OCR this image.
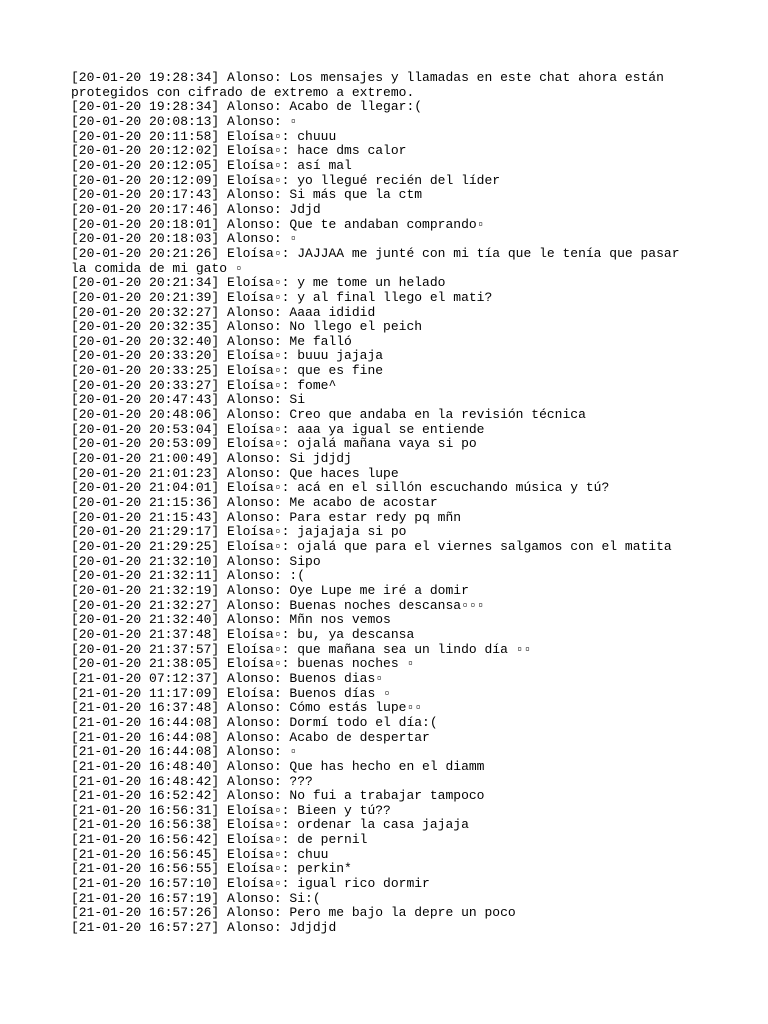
[20-01-20 19:28:34] Alonso: Los mensajes y llamadas en este chat ahora están protegidos con cifrado de extremo a extremo.
[20-01-20 19:28:34] Alonso: Acabo de llegar:(
[20-01-20 20:08:13] Alonso: ▫
[20-01-20 20:11:58] Eloísa▫: chuuu
[20-01-20 20:12:02] Eloísa▫: hace dms calor
[20-01-20 20:12:05] Eloísa▫: así mal
[20-01-20 20:12:09] Eloísa▫: yo llegué recién del líder
[20-01-20 20:17:43] Alonso: Si más que la ctm
[20-01-20 20:17:46] Alonso: Jdjd
[20-01-20 20:18:01] Alonso: Que te andaban comprando▫
[20-01-20 20:18:03] Alonso: ▫
[20-01-20 20:21:26] Eloísa▫: JAJJAA me junté con mi tía que le tenía que pasar la comida de mi gato ▫
[20-01-20 20:21:34] Eloísa▫: y me tome un helado
[20-01-20 20:21:39] Eloísa▫: y al final llego el mati?
[20-01-20 20:32:27] Alonso: Aaaa ididid
[20-01-20 20:32:35] Alonso: No llego el peich
[20-01-20 20:32:40] Alonso: Me falló
[20-01-20 20:33:20] Eloísa▫: buuu jajaja
[20-01-20 20:33:25] Eloísa▫: que es fine
[20-01-20 20:33:27] Eloísa▫: fome^
[20-01-20 20:47:43] Alonso: Si
[20-01-20 20:48:06] Alonso: Creo que andaba en la revisión técnica
[20-01-20 20:53:04] Eloísa▫: aaa ya igual se entiende
[20-01-20 20:53:09] Eloísa▫: ojalá mañana vaya si po
[20-01-20 21:00:49] Alonso: Si jdjdj
[20-01-20 21:01:23] Alonso: Que haces lupe
[20-01-20 21:04:01] Eloísa▫: acá en el sillón escuchando música y tú?
[20-01-20 21:15:36] Alonso: Me acabo de acostar
[20-01-20 21:15:43] Alonso: Para estar redy pq mñn
[20-01-20 21:29:17] Eloísa▫: jajajaja si po
[20-01-20 21:29:25] Eloísa▫: ojalá que para el viernes salgamos con el matita
[20-01-20 21:32:10] Alonso: Sipo
[20-01-20 21:32:11] Alonso: :(
[20-01-20 21:32:19] Alonso: Oye Lupe me iré a domir
[20-01-20 21:32:27] Alonso: Buenas noches descansa▫▫▫
[20-01-20 21:32:40] Alonso: Mñn nos vemos
[20-01-20 21:37:48] Eloísa▫: bu, ya descansa
[20-01-20 21:37:57] Eloísa▫: que mañana sea un lindo día ▫▫
[20-01-20 21:38:05] Eloísa▫: buenas noches ▫
[21-01-20 07:12:37] Alonso: Buenos dias▫
[21-01-20 11:17:09] Eloísa: Buenos días ▫
[21-01-20 16:37:48] Alonso: Cómo estás lupe▫▫
[21-01-20 16:44:08] Alonso: Dormí todo el día:(
[21-01-20 16:44:08] Alonso: Acabo de despertar
[21-01-20 16:44:08] Alonso: ▫
[21-01-20 16:48:40] Alonso: Que has hecho en el diamm
[21-01-20 16:48:42] Alonso: ???
[21-01-20 16:52:42] Alonso: No fui a trabajar tampoco
[21-01-20 16:56:31] Eloísa▫: Bieen y tú??
[21-01-20 16:56:38] Eloísa▫: ordenar la casa jajaja
[21-01-20 16:56:42] Eloísa▫: de pernil
[21-01-20 16:56:45] Eloísa▫: chuu
[21-01-20 16:56:55] Eloísa▫: perkin*
[21-01-20 16:57:10] Eloísa▫: igual rico dormir
[21-01-20 16:57:19] Alonso: Si:(
[21-01-20 16:57:26] Alonso: Pero me bajo la depre un poco
[21-01-20 16:57:27] Alonso: Jdjdjd
